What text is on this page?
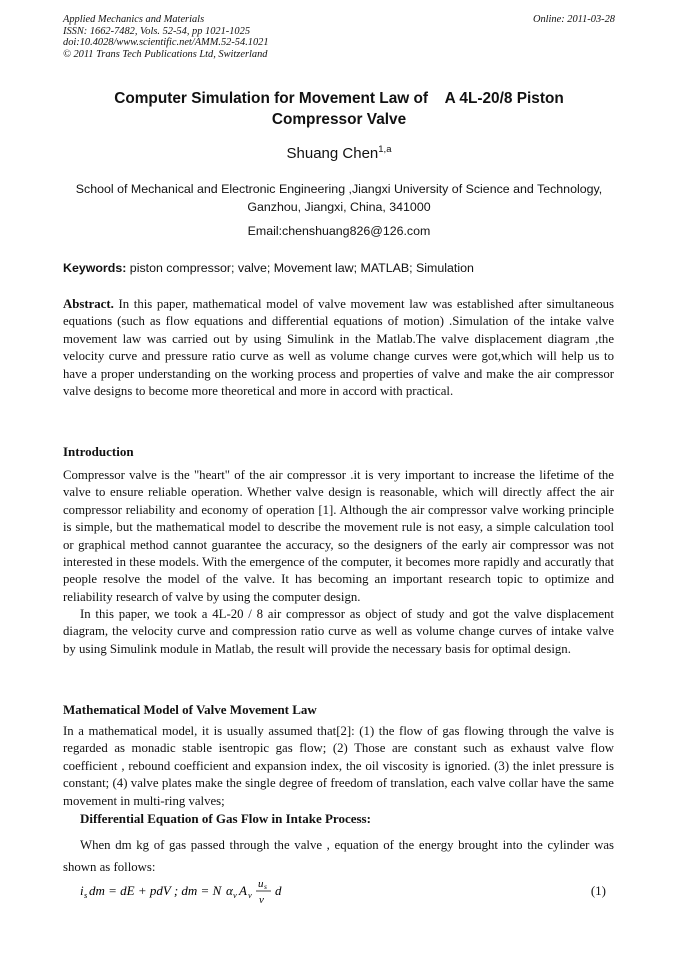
Applied Mechanics and Materials
ISSN: 1662-7482, Vols. 52-54, pp 1021-1025
doi:10.4028/www.scientific.net/AMM.52-54.1021
© 2011 Trans Tech Publications Ltd, Switzerland
Online: 2011-03-28
Computer Simulation for Movement Law of    A 4L-20/8 Piston
Compressor Valve
Shuang Chen$^{1,a}$
School of Mechanical and Electronic Engineering ,Jiangxi University of Science and Technology,
Ganzhou, Jiangxi, China, 341000
Email:chenshuang826@126.com
Keywords: piston compressor; valve; Movement law; MATLAB; Simulation
Abstract. In this paper, mathematical model of valve movement law was established after simultaneous equations (such as flow equations and differential equations of motion) .Simulation of the intake valve movement law was carried out by using Simulink in the Matlab.The valve displacement diagram ,the velocity curve and pressure ratio curve as well as volume change curves were got,which will help us to have a proper understanding on the working process and properties of valve and make the air compressor valve designs to become more theoretical and more in accord with practical.
Introduction
Compressor valve is the "heart" of the air compressor .it is very important to increase the lifetime of the valve to ensure reliable operation. Whether valve design is reasonable, which will directly affect the air compressor reliability and economy of operation [1]. Although the air compressor valve working principle is simple, but the mathematical model to describe the movement rule is not easy, a simple calculation tool or graphical method cannot guarantee the accuracy, so the designers of the early air compressor was not interested in these models. With the emergence of the computer, it becomes more rapidly and accuratly that people resolve the model of the valve. It has becoming an important research topic to optimize and reliability research of valve by using the computer design.
In this paper, we took a 4L-20 / 8 air compressor as object of study and got the valve displacement diagram, the velocity curve and compression ratio curve as well as volume change curves of intake valve by using Simulink module in Matlab, the result will provide the necessary basis for optimal design.
Mathematical Model of Valve Movement Law
In a mathematical model, it is usually assumed that[2]: (1) the flow of gas flowing through the valve is regarded as monadic stable isentropic gas flow; (2) Those are constant such as exhaust valve flow coefficient , rebound coefficient and expansion index, the oil viscosity is ignoried. (3) the inlet pressure is constant; (4) valve plates make the single degree of freedom of translation, each valve collar have the same movement in multi-ring valves;
Differential Equation of Gas Flow in Intake Process:
When dm kg of gas passed through the valve , equation of the energy brought into the cylinder was shown as follows:
i s dm = dE + pdV ; dm = N α v A v
u s
v
d	(1)
